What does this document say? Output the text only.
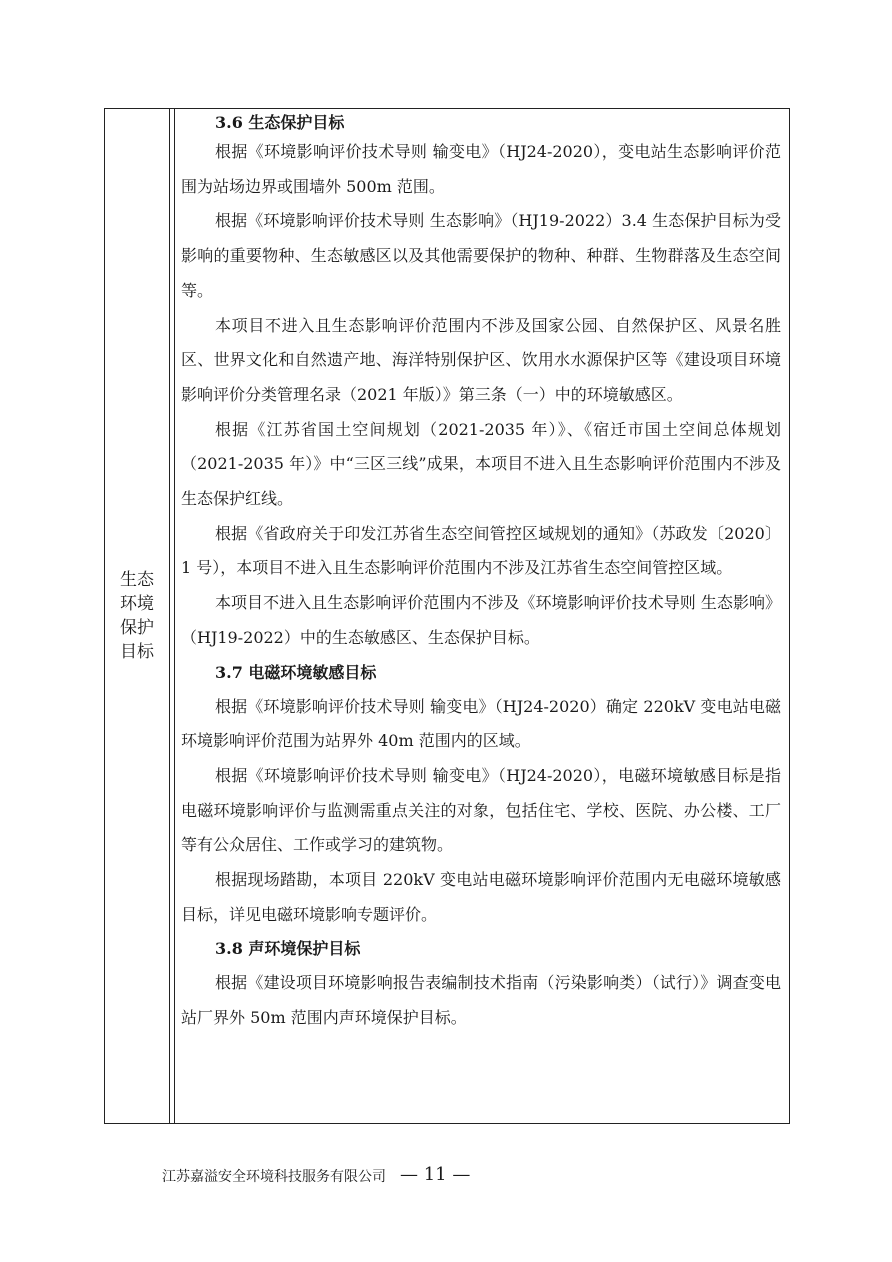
生态环境保护目标

3.6 生态保护目标

根据《环境影响评价技术导则 输变电》（HJ24-2020），变电站生态影响评价范围为站场边界或围墙外 500m 范围。

根据《环境影响评价技术导则 生态影响》（HJ19-2022）3.4 生态保护目标为受影响的重要物种、生态敏感区以及其他需要保护的物种、种群、生物群落及生态空间等。

本项目不进入且生态影响评价范围内不涉及国家公园、自然保护区、风景名胜区、世界文化和自然遗产地、海洋特别保护区、饮用水水源保护区等《建设项目环境影响评价分类管理名录（2021 年版）》第三条（一）中的环境敏感区。

根据《江苏省国土空间规划（2021-2035 年）》、《宿迁市国土空间总体规划（2021-2035 年）》中“三区三线”成果，本项目不进入且生态影响评价范围内不涉及生态保护红线。

根据《省政府关于印发江苏省生态空间管控区域规划的通知》（苏政发〔2020〕1 号），本项目不进入且生态影响评价范围内不涉及江苏省生态空间管控区域。

本项目不进入且生态影响评价范围内不涉及《环境影响评价技术导则 生态影响》（HJ19-2022）中的生态敏感区、生态保护目标。

3.7 电磁环境敏感目标

根据《环境影响评价技术导则 输变电》（HJ24-2020）确定 220kV 变电站电磁环境影响评价范围为站界外 40m 范围内的区域。

根据《环境影响评价技术导则 输变电》（HJ24-2020），电磁环境敏感目标是指电磁环境影响评价与监测需重点关注的对象，包括住宅、学校、医院、办公楼、工厂等有公众居住、工作或学习的建筑物。

根据现场踏勘，本项目 220kV 变电站电磁环境影响评价范围内无电磁环境敏感目标，详见电磁环境影响专题评价。

3.8 声环境保护目标

根据《建设项目环境影响报告表编制技术指南（污染影响类）（试行）》调查变电站厂界外 50m 范围内声环境保护目标。

江苏嘉溢安全环境科技服务有限公司 — 11 —
